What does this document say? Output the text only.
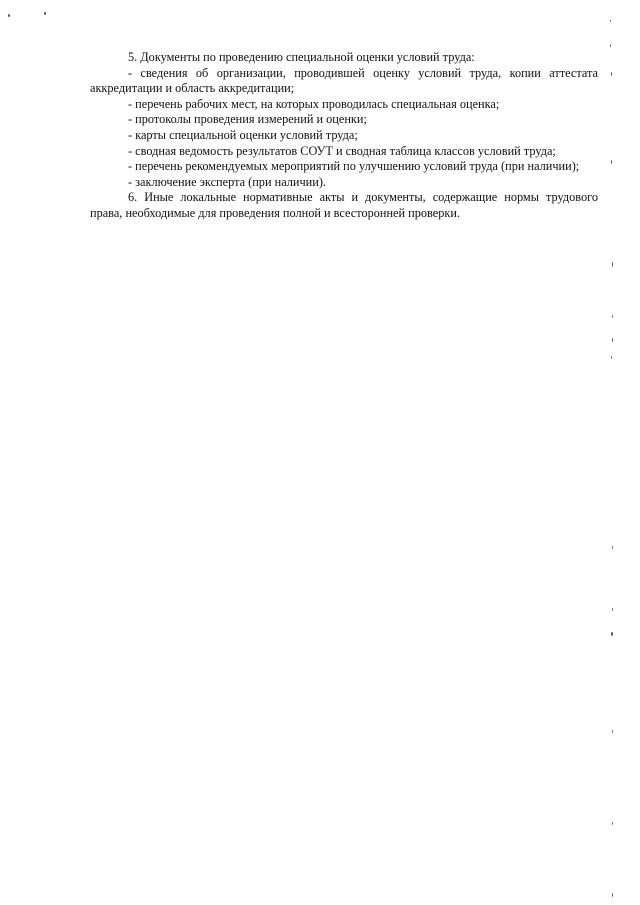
5. Документы по проведению специальной оценки условий труда:

- сведения об организации, проводившей оценку условий труда, копии аттестата аккредитации и область аккредитации;

- перечень рабочих мест, на которых проводилась специальная оценка;

- протоколы проведения измерений и оценки;

- карты специальной оценки условий труда;

- сводная ведомость результатов СОУТ и сводная таблица классов условий труда;

- перечень рекомендуемых мероприятий по улучшению условий труда (при наличии);

- заключение эксперта (при наличии).

6. Иные локальные нормативные акты и документы, содержащие нормы трудового права, необходимые для проведения полной и всесторонней проверки.
